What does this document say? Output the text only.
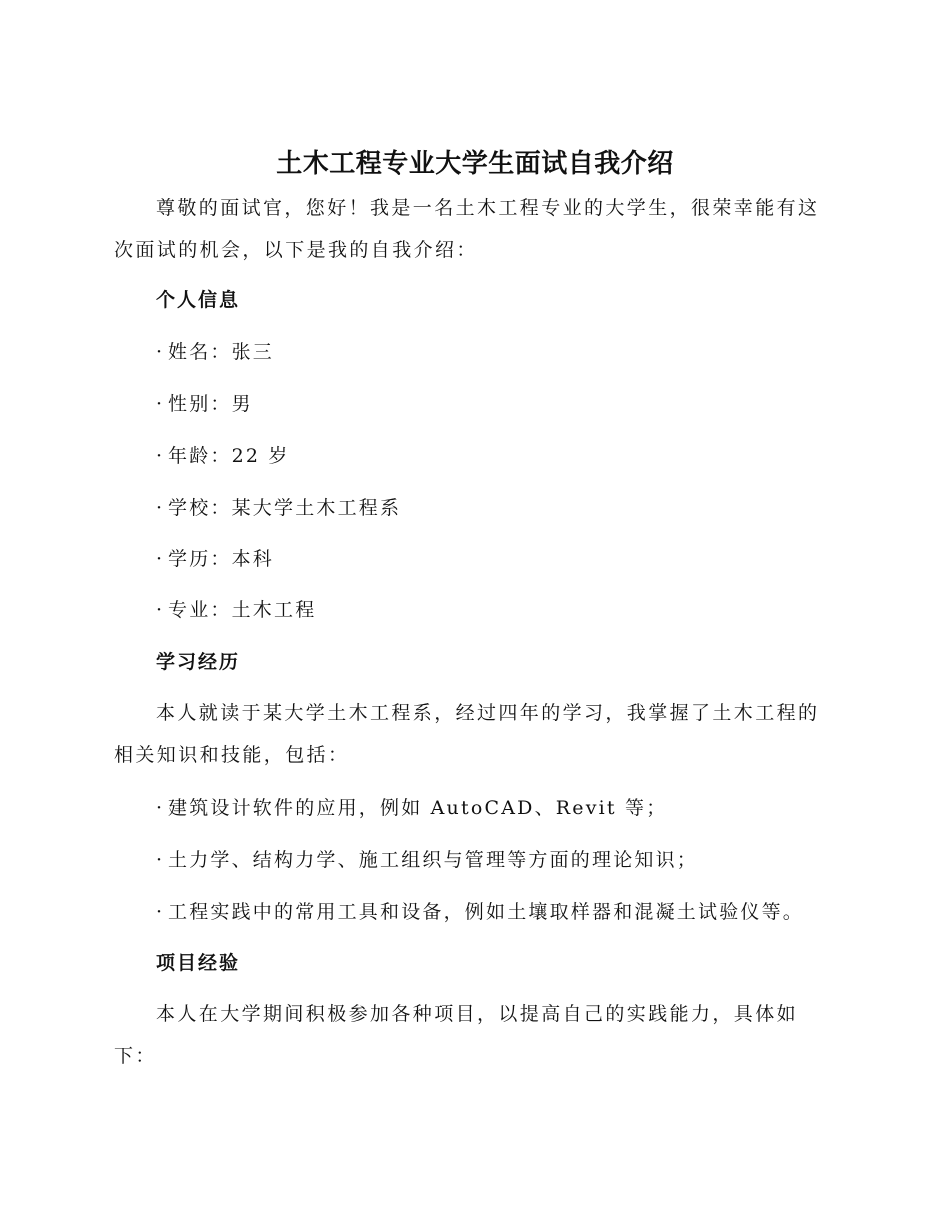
土木工程专业大学生面试自我介绍
尊敬的面试官，您好！我是一名土木工程专业的大学生，很荣幸能有这次面试的机会，以下是我的自我介绍：
个人信息
· 姓名：张三
· 性别：男
· 年龄：22 岁
· 学校：某大学土木工程系
· 学历：本科
· 专业：土木工程
学习经历
本人就读于某大学土木工程系，经过四年的学习，我掌握了土木工程的相关知识和技能，包括：
· 建筑设计软件的应用，例如 AutoCAD、Revit 等；
· 土力学、结构力学、施工组织与管理等方面的理论知识；
· 工程实践中的常用工具和设备，例如土壤取样器和混凝土试验仪等。
项目经验
本人在大学期间积极参加各种项目，以提高自己的实践能力，具体如下：
